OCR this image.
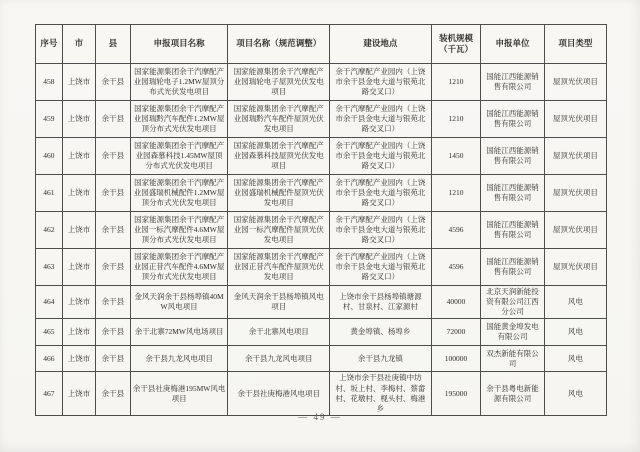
序号	市	县	申报项目名称	项目名称（规范调整）	建设地点	装机规模（千瓦）	申报单位	项目类型
458	上饶市	余干县	国家能源集团余干汽摩配产业园瑞轮电子1.2MW屋顶分布式光伏发电项目	国家能源集团余干汽摩配产业园瑞轮电子屋顶光伏发电项目	余干汽摩配产业园内（上饶市余干县金电大道与银苑北路交叉口）	1210	国能江西能源销售有限公司	屋顶光伏项目
459	上饶市	余干县	国家能源集团余干汽摩配产业园瑞黔汽车配件1.2MW屋顶分布式光伏发电项目	国家能源集团余干汽摩配产业园瑞黔汽车配件屋顶光伏发电项目	余干汽摩配产业园内（上饶市余干县金电大道与银苑北路交叉口）	1210	国能江西能源销售有限公司	屋顶光伏项目
460	上饶市	余干县	国家能源集团余干汽摩配产业园森慕科技1.45MW屋顶分布式光伏发电项目	国家能源集团余干汽摩配产业园森慕科技屋顶光伏发电项目	余干汽摩配产业园内（上饶市余干县金电大道与银苑北路交叉口）	1450	国能江西能源销售有限公司	屋顶光伏项目
461	上饶市	余干县	国家能源集团余干汽摩配产业园盛瑞机械配件1.2MW屋顶分布式光伏发电项目	国家能源集团余干汽摩配产业园盛瑞机械配件屋顶光伏发电项目	余干汽摩配产业园内（上饶市余干县金电大道与银苑北路交叉口）	1210	国能江西能源销售有限公司	屋顶光伏项目
462	上饶市	余干县	国家能源集团余干汽摩配产业园一标汽摩配件4.6MW屋顶分布式光伏发电项目	国家能源集团余干汽摩配产业园一标汽摩配件屋顶光伏发电项目	余干汽摩配产业园内（上饶市余干县金电大道与银苑北路交叉口）	4596	国能江西能源销售有限公司	屋顶光伏项目
463	上饶市	余干县	国家能源集团余干汽摩配产业园正昔汽车配件4.6MW屋顶分布式光伏发电项目	国家能源集团余干汽摩配产业园正昔汽车配件屋顶光伏发电项目	余干汽摩配产业园内（上饶市余干县金电大道与银苑北路交叉口）	4596	国能江西能源销售有限公司	屋顶光伏项目
464	上饶市	余干县	金风天润余干县杨埠镇40MW风电项目	金风天润余干县杨埠镇风电项目	上饶市余干县杨埠镇塘源村、甘泉村、江家源村	40000	北京天润新能投资有限公司江西分公司	风电
465	上饶市	余干县	余干北寨72MW风电场项目	余干北寨风电项目	黄金埠镇、杨埠乡	72000	国能黄金埠发电有限公司	风电
466	上饶市	余干县	余干县九龙风电项目	余干县九龙风电项目	余干县九龙镇	100000	双杰新能有限公司	风电
467	上饶市	余干县	余干县社庚梅港195MW风电项目	余干县社庚梅港风电项目	上饶市余干县社庚镇中坊村、坂上村、李梅村、蔡畲村、花墩村、枧头村、梅港乡	195000	余干县粤电新能源有限公司	风电
— 49 —
